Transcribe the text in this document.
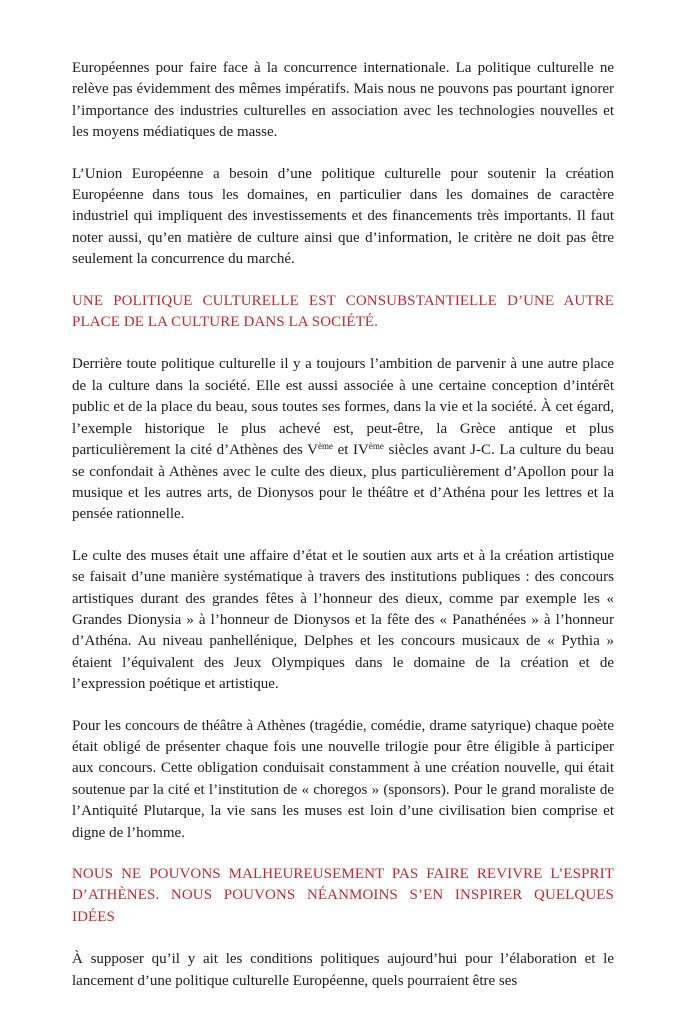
Européennes pour faire face à la concurrence internationale. La politique culturelle ne relève pas évidemment des mêmes impératifs. Mais nous ne pouvons pas pourtant ignorer l’importance des industries culturelles en association avec les technologies nouvelles et les moyens médiatiques de masse.

L’Union Européenne a besoin d’une politique culturelle pour soutenir la création Européenne dans tous les domaines, en particulier dans les domaines de caractère industriel qui impliquent des investissements et des financements très importants. Il faut noter aussi, qu’en matière de culture ainsi que d’information, le critère ne doit pas être seulement la concurrence du marché.

UNE POLITIQUE CULTURELLE EST CONSUBSTANTIELLE D’UNE AUTRE PLACE DE LA CULTURE DANS LA SOCIÉTÉ.

Derrière toute politique culturelle il y a toujours l’ambition de parvenir à une autre place de la culture dans la société. Elle est aussi associée à une certaine conception d’intérêt public et de la place du beau, sous toutes ses formes, dans la vie et la société. À cet égard, l’exemple historique le plus achevé est, peut-être, la Grèce antique et plus particulièrement la cité d’Athènes des Vème et IVème siècles avant J-C. La culture du beau se confondait à Athènes avec le culte des dieux, plus particulièrement d’Apollon pour la musique et les autres arts, de Dionysos pour le théâtre et d’Athéna pour les lettres et la pensée rationnelle.

Le culte des muses était une affaire d’état et le soutien aux arts et à la création artistique se faisait d’une manière systématique à travers des institutions publiques : des concours artistiques durant des grandes fêtes à l’honneur des dieux, comme par exemple les « Grandes Dionysia » à l’honneur de Dionysos et la fête des « Panathénées » à l’honneur d’Athéna. Au niveau panhellénique, Delphes et les concours musicaux de « Pythia » étaient l’équivalent des Jeux Olympiques dans le domaine de la création et de l’expression poétique et artistique.

Pour les concours de théâtre à Athènes (tragédie, comédie, drame satyrique) chaque poète était obligé de présenter chaque fois une nouvelle trilogie pour être éligible à participer aux concours. Cette obligation conduisait constamment à une création nouvelle, qui était soutenue par la cité et l’institution de « choregos » (sponsors). Pour le grand moraliste de l’Antiquité Plutarque, la vie sans les muses est loin d’une civilisation bien comprise et digne de l’homme.

NOUS NE POUVONS MALHEUREUSEMENT PAS FAIRE REVIVRE L’ESPRIT D’ATHÈNES. NOUS POUVONS NÉANMOINS S’EN INSPIRER QUELQUES IDÉES

À supposer qu’il y ait les conditions politiques aujourd’hui pour l’élaboration et le lancement d’une politique culturelle Européenne, quels pourraient être ses
